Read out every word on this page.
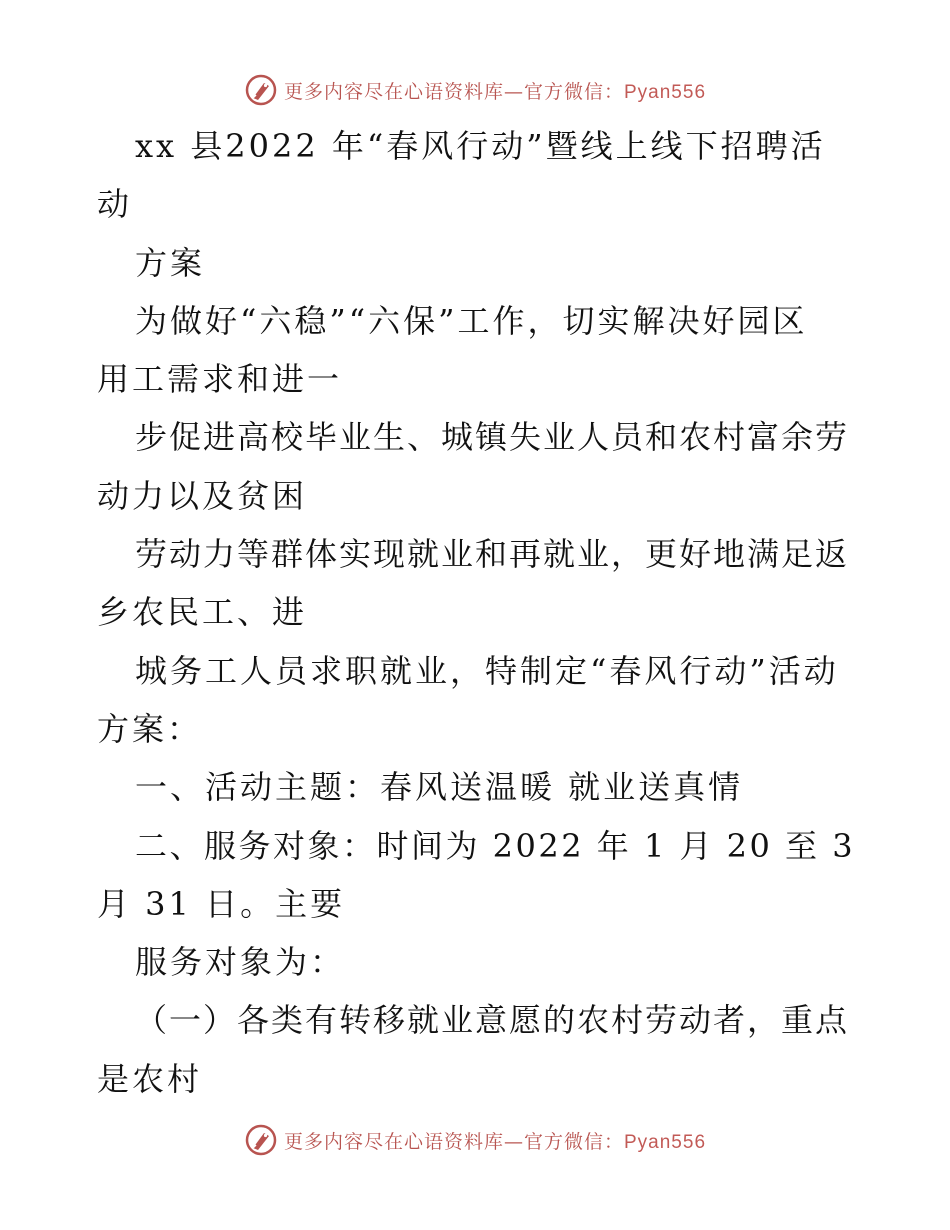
更多内容尽在心语资料库—官方微信：Pyan556
xx 县2022 年“春风行动”暨线上线下招聘活
动
方案
为做好“六稳”“六保”工作，切实解决好园区
用工需求和进一
步促进高校毕业生、城镇失业人员和农村富余劳
动力以及贫困
劳动力等群体实现就业和再就业，更好地满足返
乡农民工、进
城务工人员求职就业，特制定“春风行动”活动
方案：
一、活动主题：春风送温暖 就业送真情
二、服务对象：时间为 2022 年 1 月 20 至 3
月 31 日。主要
服务对象为：
（一）各类有转移就业意愿的农村劳动者，重点
是农村
更多内容尽在心语资料库—官方微信：Pyan556
